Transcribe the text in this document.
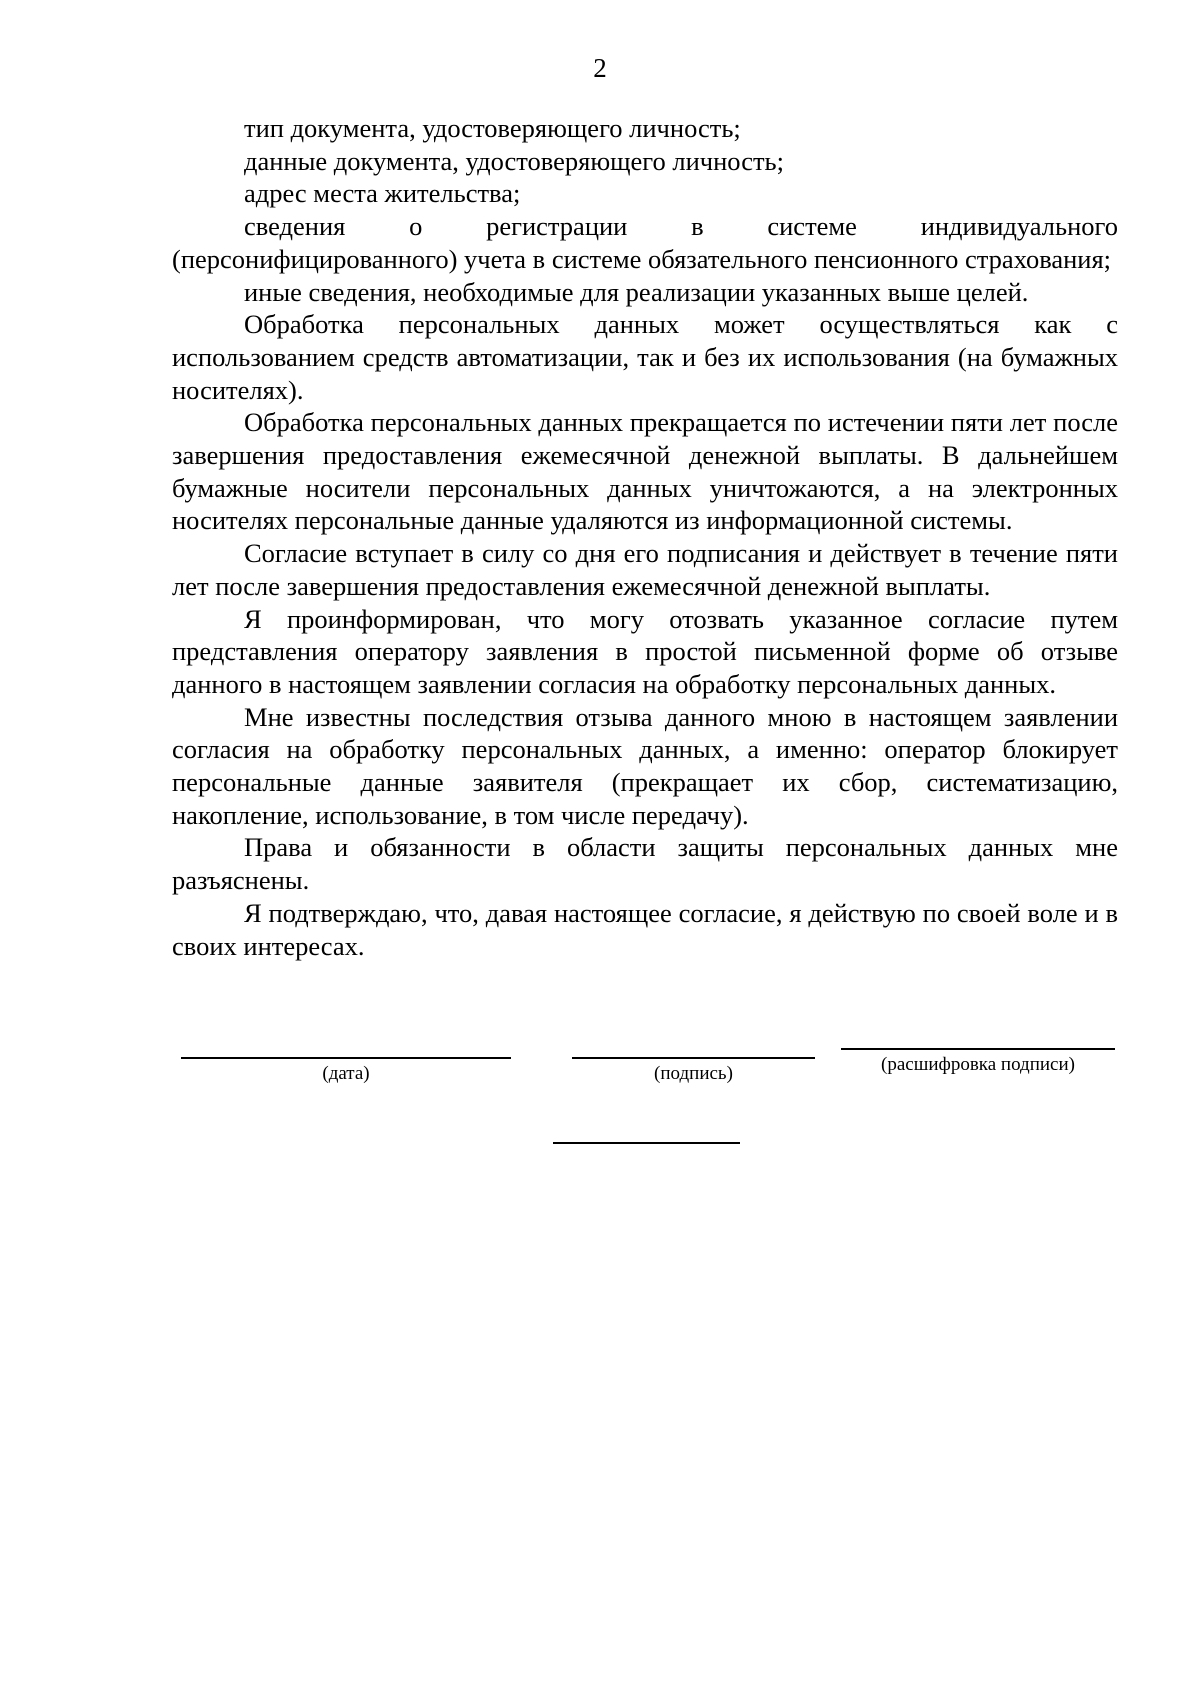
2

тип документа, удостоверяющего личность;

данные документа, удостоверяющего личность;

адрес места жительства;

сведения о регистрации в системе индивидуального (персонифицированного) учета в системе обязательного пенсионного страхования;

иные сведения, необходимые для реализации указанных выше целей.

Обработка персональных данных может осуществляться как с использованием средств автоматизации, так и без их использования (на бумажных носителях).

Обработка персональных данных прекращается по истечении пяти лет после завершения предоставления ежемесячной денежной выплаты. В дальнейшем бумажные носители персональных данных уничтожаются, а на электронных носителях персональные данные удаляются из информационной системы.

Согласие вступает в силу со дня его подписания и действует в течение пяти лет после завершения предоставления ежемесячной денежной выплаты.

Я проинформирован, что могу отозвать указанное согласие путем представления оператору заявления в простой письменной форме об отзыве данного в настоящем заявлении согласия на обработку персональных данных.

Мне известны последствия отзыва данного мною в настоящем заявлении согласия на обработку персональных данных, а именно: оператор блокирует персональные данные заявителя (прекращает их сбор, систематизацию, накопление, использование, в том числе передачу).

Права и обязанности в области защиты персональных данных мне разъяснены.

Я подтверждаю, что, давая настоящее согласие, я действую по своей воле и в своих интересах.

(дата)	(подпись)	(расшифровка подписи)
